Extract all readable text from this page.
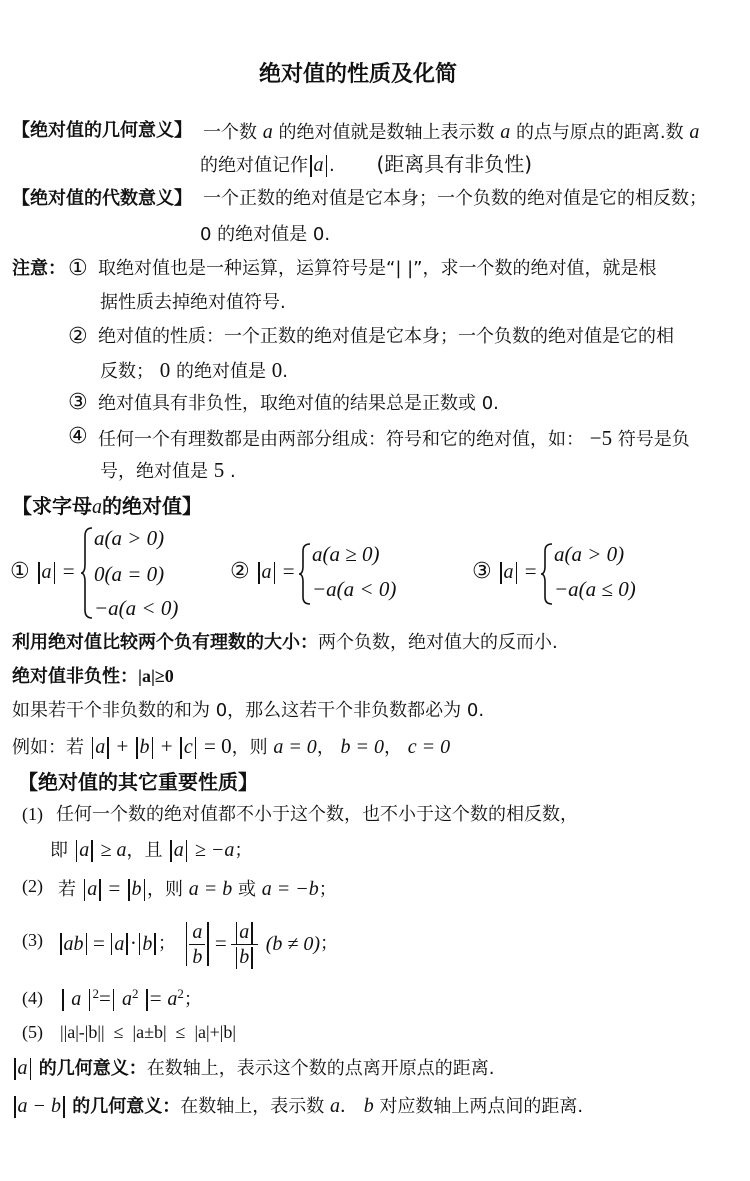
绝对值的性质及化简
【绝对值的几何意义】 一个数 a 的绝对值就是数轴上表示数 a 的点与原点的距离.数 a
的绝对值记作 a . (距离具有非负性)
【绝对值的代数意义】 一个正数的绝对值是它本身；一个负数的绝对值是它的相反数；
0 的绝对值是 0.
注意： ① 取绝对值也是一种运算，运算符号是“| |”，求一个数的绝对值，就是根
据性质去掉绝对值符号.
② 绝对值的性质：一个正数的绝对值是它本身；一个负数的绝对值是它的相
反数； 0 的绝对值是 0.
③ 绝对值具有非负性，取绝对值的结果总是正数或 0.
④ 任何一个有理数都是由两部分组成：符号和它的绝对值，如： −5 符号是负
号，绝对值是 5 .
【求字母a的绝对值】
① a =
a(a > 0)
0(a = 0)
−a(a < 0)
② a =
a(a ≥ 0)
−a(a < 0)
③ a =
a(a > 0)
−a(a ≤ 0)
利用绝对值比较两个负有理数的大小：两个负数，绝对值大的反而小.
绝对值非负性：|a|≥0
如果若干个非负数的和为 0，那么这若干个非负数都必为 0.
例如：若 a + b + c = 0，则 a = 0， b = 0， c = 0
【绝对值的其它重要性质】
(1) 任何一个数的绝对值都不小于这个数，也不小于这个数的相反数，
即 a ≥ a，且 a ≥ −a；
(2) 若 a = b ，则 a = b 或 a = −b；
(3) ab = a · b ； $\frac{a}{b} = \frac{a}{b} (b \ne 0)$ ；
(4)	a $^2= a^2 = a^2$；
(5) ||a|-|b||  ≤  |a±b|  ≤  |a|+|b|
a 的几何意义：在数轴上，表示这个数的点离开原点的距离.
a − b 的几何意义：在数轴上，表示数 a． b 对应数轴上两点间的距离.
